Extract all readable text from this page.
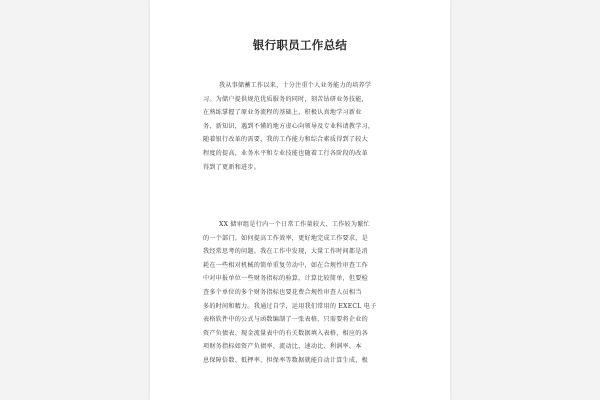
银行职员工作总结
我从事储蓄工作以来，十分注重个人业务能力的培养学
习。为储户提供规范优质服务的同时，刻苦钻研业务技能，
在熟练掌握了原业务流程的基础上，积极认真地学习新业
务、新知识，遇到不懂的地方虚心向领导及专业科请教学习，
随着银行改革的需要，我的工作能力和综合素质得到了较大
程度的提高，业务水平和专业技能也随着工行各阶段的改革
得到了更新和进步。
XX 储审组是行内一个日常工作量较大、工作较为繁忙
的一个部门。如何提高工作效率，更好地完成工作要求，是
我经常思考的问题。我在工作中发现，大量工作时间都是消
耗在一些相对机械的简单重复劳动中，如在合规性审查工作
中对申报单位一些财务指标的验算，计算比较简单，但要检
查多个单位的多个财务指标也要花费合规性审查人员相当
多的时间和精力。我通过自学，运用我们常用的 EXECL 电子
表格软件中的公式与函数编制了一张表格，只需要将企业的
资产负债表、现金流量表中的有关数据填入表格，相应的各
项财务指标如资产负债率、流动比、速动比、利润率、本
息保障倍数、抵押率、担保率等数据就能自动计算生成，极
